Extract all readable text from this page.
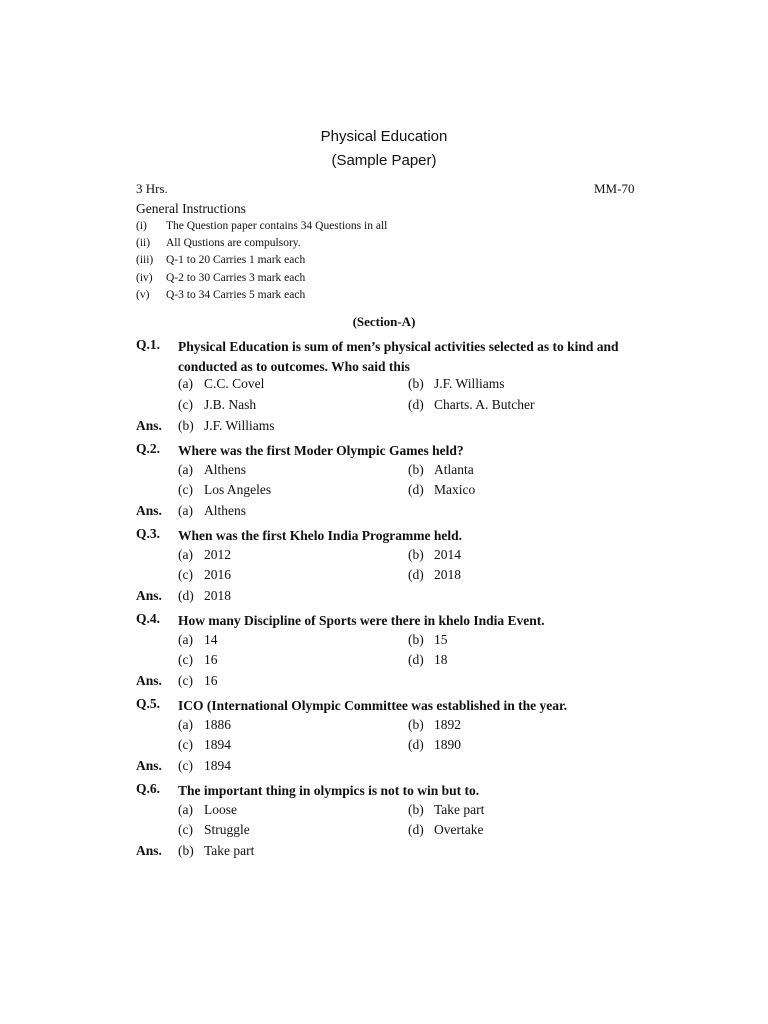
Physical Education
(Sample Paper)
3 Hrs.	MM-70
General Instructions
(i)	The Question paper contains 34 Questions in all
(ii)	All Qustions are compulsory.
(iii)	Q-1 to 20 Carries 1 mark each
(iv)	Q-2 to 30 Carries 3 mark each
(v)	Q-3 to 34 Carries 5 mark each
(Section-A)
Q.1. Physical Education is sum of men’s physical activities selected as to kind and conducted as to outcomes. Who said this
(a) C.C. Covel	(b) J.F. Williams
(c) J.B. Nash	(d) Charts. A. Butcher
Ans. (b) J.F. Williams
Q.2. Where was the first Moder Olympic Games held?
(a) Althens	(b) Atlanta
(c) Los Angeles	(d) Maxico
Ans. (a) Althens
Q.3. When was the first Khelo India Programme held.
(a) 2012	(b) 2014
(c) 2016	(d) 2018
Ans. (d) 2018
Q.4. How many Discipline of Sports were there in khelo India Event.
(a) 14	(b) 15
(c) 16	(d) 18
Ans. (c) 16
Q.5. ICO (International Olympic Committee was established in the year.
(a) 1886	(b) 1892
(c) 1894	(d) 1890
Ans. (c) 1894
Q.6. The important thing in olympics is not to win but to.
(a) Loose	(b) Take part
(c) Struggle	(d) Overtake
Ans. (b) Take part
